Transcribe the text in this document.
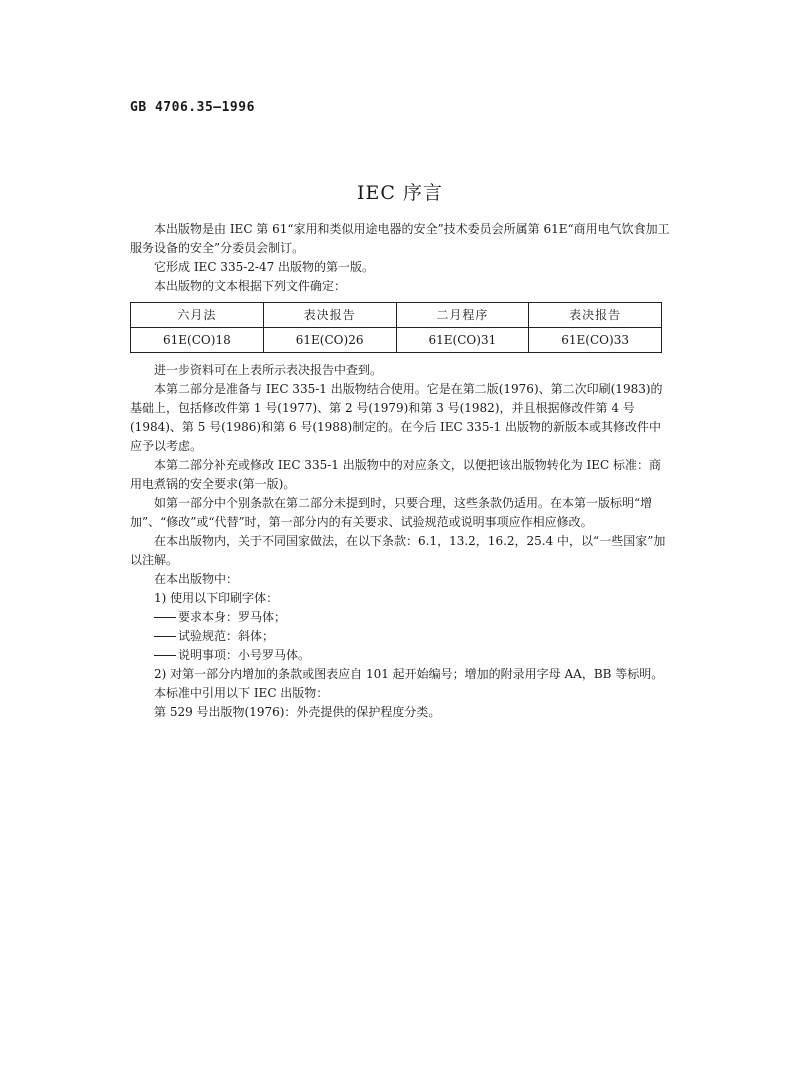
GB 4706.35—1996
IEC 序言

本出版物是由 IEC 第 61“家用和类似用途电器的安全”技术委员会所属第 61E“商用电气饮食加工服务设备的安全”分委员会制订。

它形成 IEC 335-2-47 出版物的第一版。

本出版物的文本根据下列文件确定：

六月法	表决报告	二月程序	表决报告
61E(CO)18	61E(CO)26	61E(CO)31	61E(CO)33

进一步资料可在上表所示表决报告中查到。

本第二部分是准备与 IEC 335-1 出版物结合使用。它是在第二版(1976)、第二次印刷(1983)的基础上，包括修改件第 1 号(1977)、第 2 号(1979)和第 3 号(1982)，并且根据修改件第 4 号(1984)、第 5 号(1986)和第 6 号(1988)制定的。在今后 IEC 335-1 出版物的新版本或其修改件中应予以考虑。

本第二部分补充或修改 IEC 335-1 出版物中的对应条文，以便把该出版物转化为 IEC 标准：商用电煮锅的安全要求(第一版)。

如第一部分中个别条款在第二部分未提到时，只要合理，这些条款仍适用。在本第一版标明“增加”、“修改”或“代替”时，第一部分内的有关要求、试验规范或说明事项应作相应修改。

在本出版物内，关于不同国家做法，在以下条款：6.1，13.2，16.2，25.4 中，以“一些国家”加以注解。

在本出版物中：

1) 使用以下印刷字体：

要求本身：罗马体；

试验规范：斜体；

说明事项：小号罗马体。

2) 对第一部分内增加的条款或图表应自 101 起开始编号；增加的附录用字母 AA，BB 等标明。

本标准中引用以下 IEC 出版物：

第 529 号出版物(1976)：外壳提供的保护程度分类。
